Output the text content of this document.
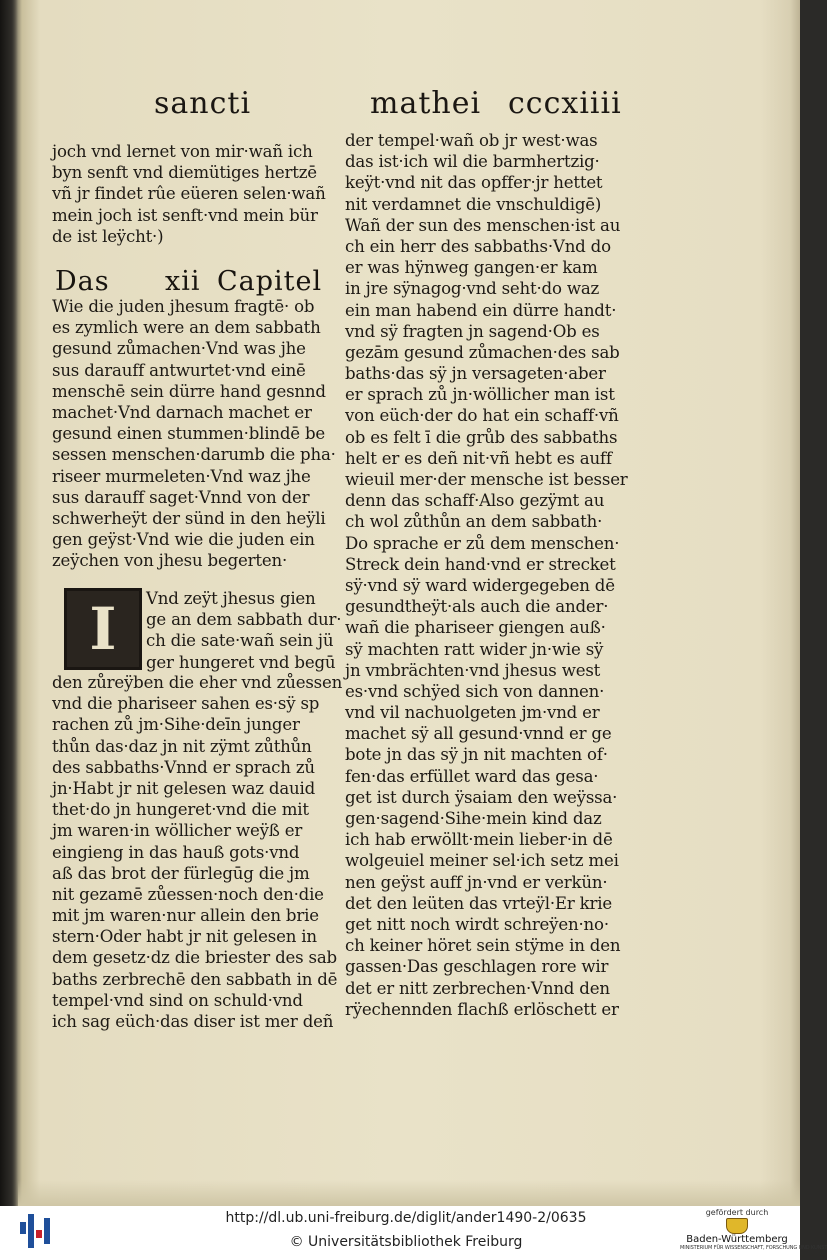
sancti	mathei cccxiiii
joch vnd lernet von mir·wañ ich
byn senft vnd diemütiges hertzē
vñ jr findet rûe eüeren selen·wañ
mein joch ist senft·vnd mein bür
de ist leÿcht·)
Das xii Capitel
Wie die juden jhesum fragtē· ob
es zymlich were an dem sabbath
gesund zůmachen·Vnd was jhe
sus darauff antwurtet·vnd einē
menschē sein dürre hand gesnnd
machet·Vnd darnach machet er
gesund einen stummen·blindē be
sessen menschen·darumb die pha·
riseer murmeleten·Vnd waz jhe
sus darauff saget·Vnnd von der
schwerheÿt der sünd in den heÿli
gen geÿst·Vnd wie die juden ein
zeÿchen von jhesu begerten·
I Vnd zeÿt jhesus gien
ge an dem sabbath dur·
ch die sate·wañ sein jü
ger hungeret vnd begū
den zůreÿben die eher vnd zůessen
vnd die phariseer sahen es·sÿ sp
rachen zů jm·Sihe·deīn junger
thůn das·daz jn nit zÿmt zůthůn
des sabbaths·Vnnd er sprach zů
jn·Habt jr nit gelesen waz dauid
thet·do jn hungeret·vnd die mit
jm waren·in wöllicher weÿß er
eingieng in das hauß gots·vnd
aß das brot der fürlegūg die jm
nit gezamē zůessen·noch den·die
mit jm waren·nur allein den brie
stern·Oder habt jr nit gelesen in
dem gesetz·dz die briester des sab
baths zerbrechē den sabbath in dē
tempel·vnd sind on schuld·vnd
ich sag eüch·das diser ist mer deñ
der tempel·wañ ob jr west·was
das ist·ich wil die barmhertzig·
keÿt·vnd nit das opffer·jr hettet
nit verdamnet die vnschuldigē)
Wañ der sun des menschen·ist au
ch ein herr des sabbaths·Vnd do
er was hÿnweg gangen·er kam
in jre sÿnagog·vnd seht·do waz
ein man habend ein dürre handt·
vnd sÿ fragten jn sagend·Ob es
gezām gesund zůmachen·des sab
baths·das sÿ jn versageten·aber
er sprach zů jn·wöllicher man ist
von eüch·der do hat ein schaff·vñ
ob es felt ī die grůb des sabbaths
helt er es deñ nit·vñ hebt es auff
wieuil mer·der mensche ist besser
denn das schaff·Also gezÿmt au
ch wol zůthůn an dem sabbath·
Do sprache er zů dem menschen·
Streck dein hand·vnd er strecket
sÿ·vnd sÿ ward widergegeben dē
gesundtheÿt·als auch die ander·
wañ die phariseer giengen auß·
sÿ machten ratt wider jn·wie sÿ
jn vmbrächten·vnd jhesus west
es·vnd schÿed sich von dannen·
vnd vil nachuolgeten jm·vnd er
machet sÿ all gesund·vnnd er ge
bote jn das sÿ jn nit machten of·
fen·das erfüllet ward das gesa·
get ist durch ÿsaiam den weÿssa·
gen·sagend·Sihe·mein kind daz
ich hab erwöllt·mein lieber·in dē
wolgeuiel meiner sel·ich setz mei
nen geÿst auff jn·vnd er verkün·
det den leüten das vrteÿl·Er krie
get nitt noch wirdt schreÿen·no·
ch keiner höret sein stÿme in den
gassen·Das geschlagen rore wir
det er nitt zerbrechen·Vnnd den
rÿechennden flachß erlöschett er
http://dl.ub.uni-freiburg.de/diglit/ander1490-2/0635
© Universitätsbibliothek Freiburg
gefördert durch
Baden-Württemberg
MINISTERIUM FÜR WISSENSCHAFT, FORSCHUNG UND KUNST
